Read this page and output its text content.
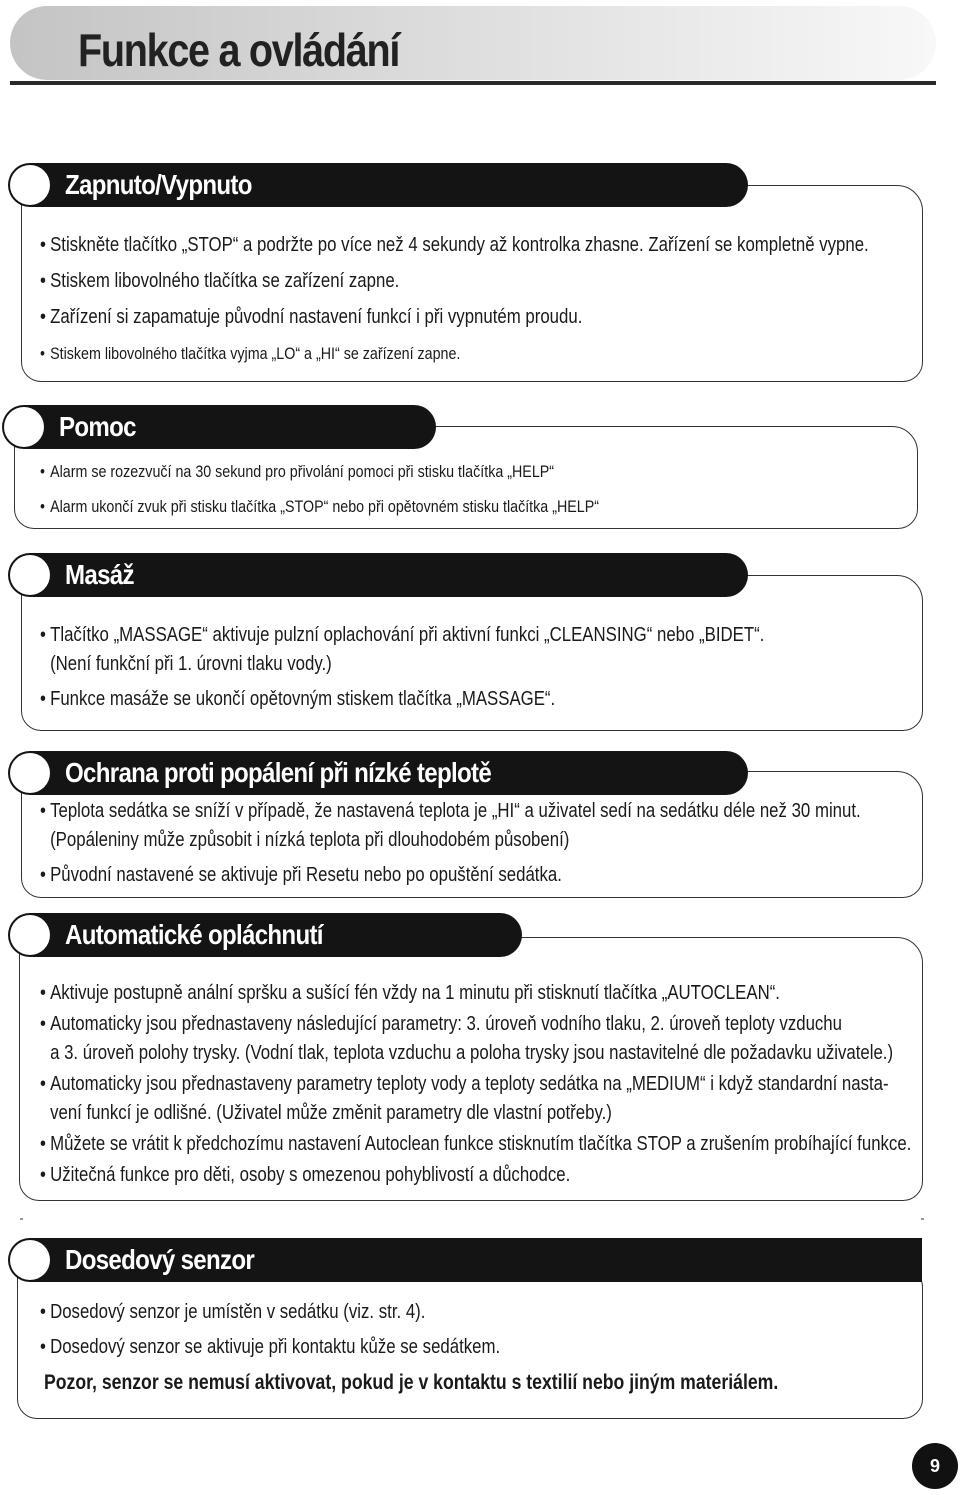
Funkce a ovládání
Zapnuto/Vypnuto
• Stiskněte tlačítko „STOP“ a podržte po více než 4 sekundy až kontrolka zhasne. Zařízení se kompletně vypne.
• Stiskem libovolného tlačítka se zařízení zapne.
• Zařízení si zapamatuje původní nastavení funkcí i při vypnutém proudu.
• Stiskem libovolného tlačítka vyjma „LO“ a „HI“ se zařízení zapne.
Pomoc
• Alarm se rozezvučí na 30 sekund pro přivolání pomoci při stisku tlačítka „HELP“
• Alarm ukončí zvuk při stisku tlačítka „STOP“ nebo při opětovném stisku tlačítka „HELP“
Masáž
• Tlačítko „MASSAGE“ aktivuje pulzní oplachování při aktivní funkci „CLEANSING“ nebo „BIDET“.
(Není funkční při 1. úrovni tlaku vody.)
• Funkce masáže se ukončí opětovným stiskem tlačítka „MASSAGE“.
Ochrana proti popálení při nízké teplotě
• Teplota sedátka se sníží v případě, že nastavená teplota je „HI“ a uživatel sedí na sedátku déle než 30 minut.
(Popáleniny může způsobit i nízká teplota při dlouhodobém působení)
• Původní nastavené se aktivuje při Resetu nebo po opuštění sedátka.
Automatické opláchnutí
• Aktivuje postupně anální spršku a sušící fén vždy na 1 minutu při stisknutí tlačítka „AUTOCLEAN“.
• Automaticky jsou přednastaveny následující parametry: 3. úroveň vodního tlaku, 2. úroveň teploty vzduchu
a 3. úroveň polohy trysky. (Vodní tlak, teplota vzduchu a poloha trysky jsou nastavitelné dle požadavku uživatele.)
• Automaticky jsou přednastaveny parametry teploty vody a teploty sedátka na „MEDIUM“ i když standardní nasta-
vení funkcí je odlišné. (Uživatel může změnit parametry dle vlastní potřeby.)
• Můžete se vrátit k předchozímu nastavení Autoclean funkce stisknutím tlačítka STOP a zrušením probíhající funkce.
• Užitečná funkce pro děti, osoby s omezenou pohyblivostí a důchodce.
Dosedový senzor
• Dosedový senzor je umístěn v sedátku (viz. str. 4).
• Dosedový senzor se aktivuje při kontaktu kůže se sedátkem.

Pozor, senzor se nemusí aktivovat, pokud je v kontaktu s textilií nebo jiným materiálem.

9
